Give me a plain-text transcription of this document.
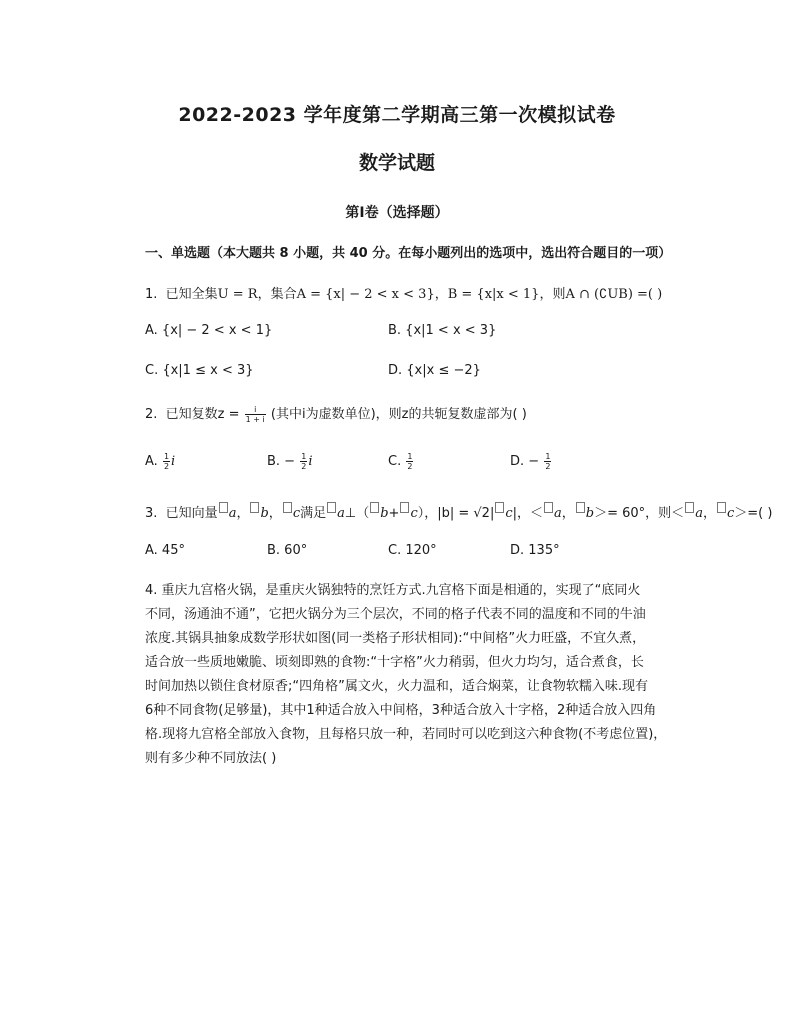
2022-2023 学年度第二学期高三第一次模拟试卷
数学试题
第Ⅰ卷（选择题）
一、单选题（本大题共 8 小题，共 40 分。在每小题列出的选项中，选出符合题目的一项）
1. 已知全集U = R，集合A = {x| − 2 < x < 3}，B = {x|x < 1}，则A ∩ (∁UB) =( )
A. {x| − 2 < x < 1}	B. {x|1 < x < 3}
C. {x|1 ≤ x < 3}	D. {x|x ≤ −2}
2. 已知复数$z = \frac{i}{1 + i}$ (其中i为虚数单位)，则z的共轭复数虚部为( )
A. $\frac{1}{2}$ i	B. − $\frac{1}{2}$ i	C. $\frac{1}{2}$	D. − $\frac{1}{2}$
3. 已知向量 a， b， c满足 a⊥（ b+ c），|b| = √2| c|，＜ a， b＞= 60°，则＜ a， c＞=( )
A. 45°	B. 60°	C. 120°	D. 135°
4. 重庆九宫格火锅，是重庆火锅独特的烹饪方式.九宫格下面是相通的，实现了“底同火
不同，汤通油不通”，它把火锅分为三个层次，不同的格子代表不同的温度和不同的牛油
浓度.其锅具抽象成数学形状如图(同一类格子形状相同):“中间格”火力旺盛，不宜久煮，
适合放一些质地嫩脆、顷刻即熟的食物:“十字格”火力稍弱，但火力均匀，适合煮食，长
时间加热以锁住食材原香;“四角格”属文火，火力温和，适合焖菜，让食物软糯入味.现有
6种不同食物(足够量)，其中1种适合放入中间格，3种适合放入十字格，2种适合放入四角
格.现将九宫格全部放入食物，且每格只放一种，若同时可以吃到这六种食物(不考虑位置)，
则有多少种不同放法( )
